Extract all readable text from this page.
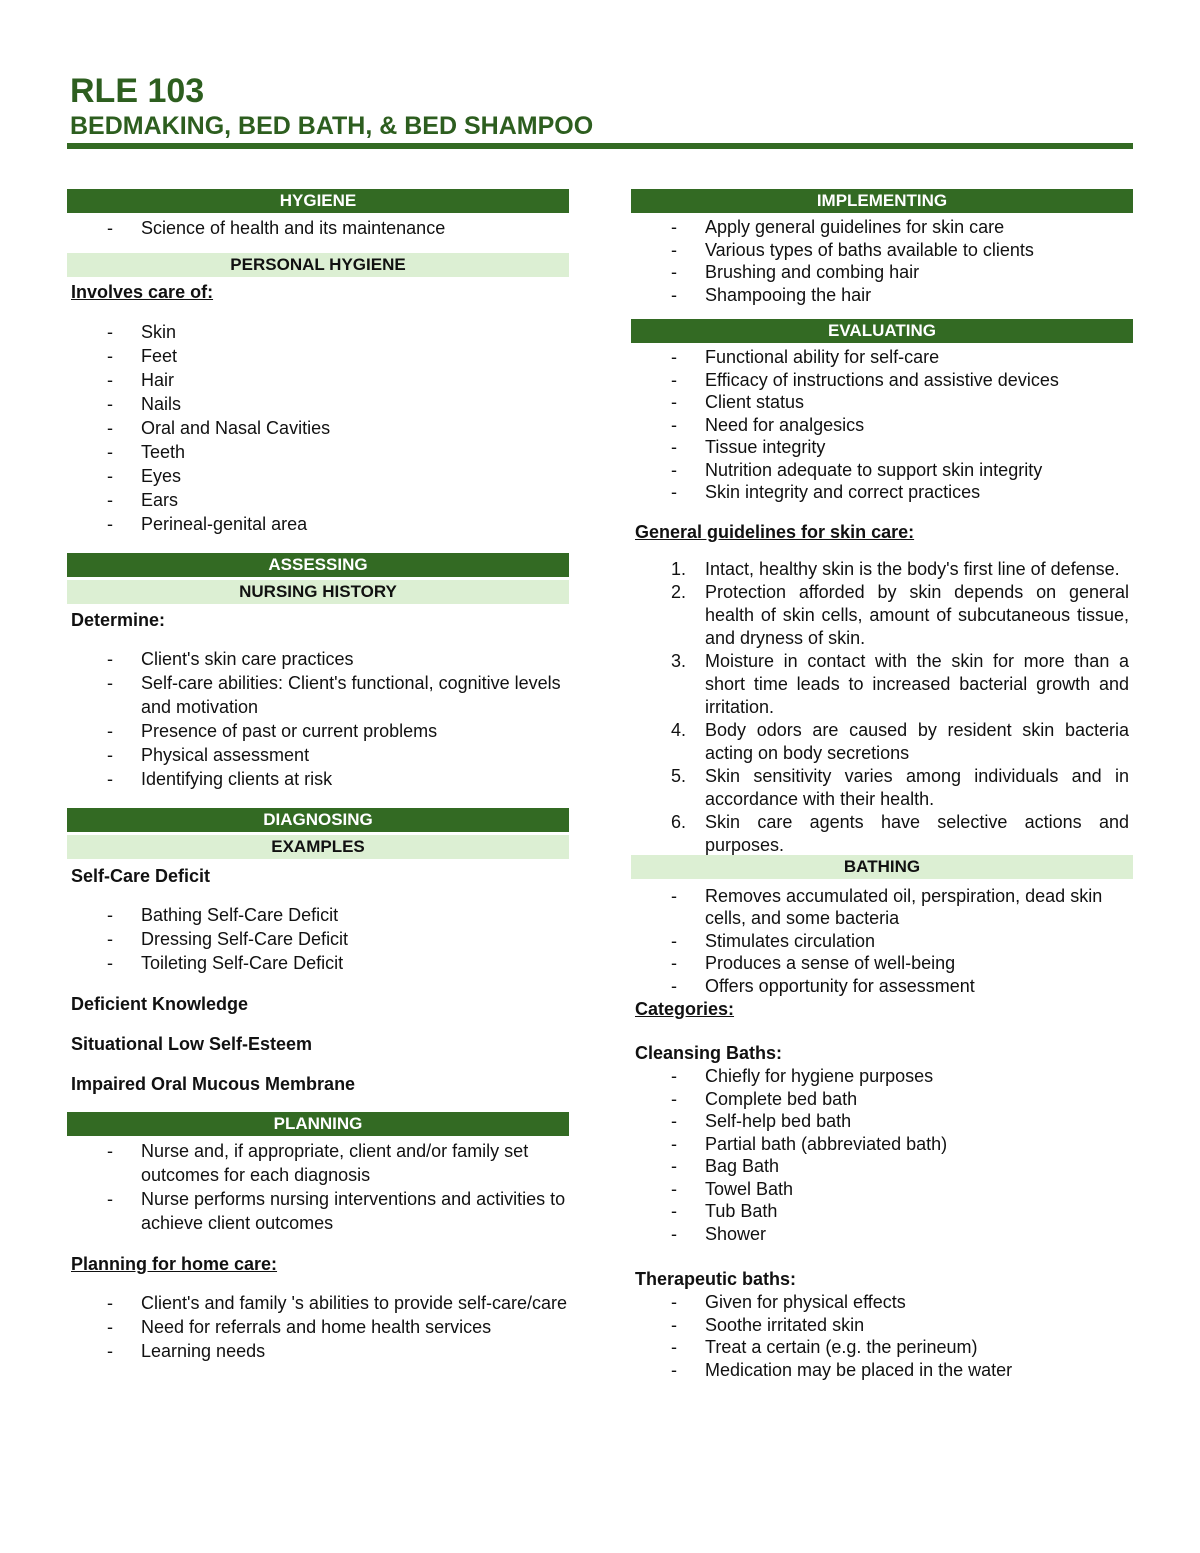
RLE 103
BEDMAKING, BED BATH, & BED SHAMPOO
HYGIENE
- Science of health and its maintenance
PERSONAL HYGIENE
Involves care of:
- Skin
- Feet
- Hair
- Nails
- Oral and Nasal Cavities
- Teeth
- Eyes
- Ears
- Perineal-genital area
ASSESSING
NURSING HISTORY
Determine:
- Client's skin care practices
- Self-care abilities: Client's functional, cognitive levels and motivation
- Presence of past or current problems
- Physical assessment
- Identifying clients at risk
DIAGNOSING
EXAMPLES
Self-Care Deficit
- Bathing Self-Care Deficit
- Dressing Self-Care Deficit
- Toileting Self-Care Deficit
Deficient Knowledge
Situational Low Self-Esteem
Impaired Oral Mucous Membrane
PLANNING
- Nurse and, if appropriate, client and/or family set outcomes for each diagnosis
- Nurse performs nursing interventions and activities to achieve client outcomes
Planning for home care:
- Client's and family 's abilities to provide self-care/care
- Need for referrals and home health services
- Learning needs
IMPLEMENTING
- Apply general guidelines for skin care
- Various types of baths available to clients
- Brushing and combing hair
- Shampooing the hair
EVALUATING
- Functional ability for self-care
- Efficacy of instructions and assistive devices
- Client status
- Need for analgesics
- Tissue integrity
- Nutrition adequate to support skin integrity
- Skin integrity and correct practices
General guidelines for skin care:
1. Intact, healthy skin is the body's first line of defense.
2. Protection afforded by skin depends on general health of skin cells, amount of subcutaneous tissue, and dryness of skin.
3. Moisture in contact with the skin for more than a short time leads to increased bacterial growth and irritation.
4. Body odors are caused by resident skin bacteria acting on body secretions
5. Skin sensitivity varies among individuals and in accordance with their health.
6. Skin care agents have selective actions and purposes.
BATHING
- Removes accumulated oil, perspiration, dead skin cells, and some bacteria
- Stimulates circulation
- Produces a sense of well-being
- Offers opportunity for assessment
Categories:
Cleansing Baths:
- Chiefly for hygiene purposes
- Complete bed bath
- Self-help bed bath
- Partial bath (abbreviated bath)
- Bag Bath
- Towel Bath
- Tub Bath
- Shower
Therapeutic baths:
- Given for physical effects
- Soothe irritated skin
- Treat a certain (e.g. the perineum)
- Medication may be placed in the water
